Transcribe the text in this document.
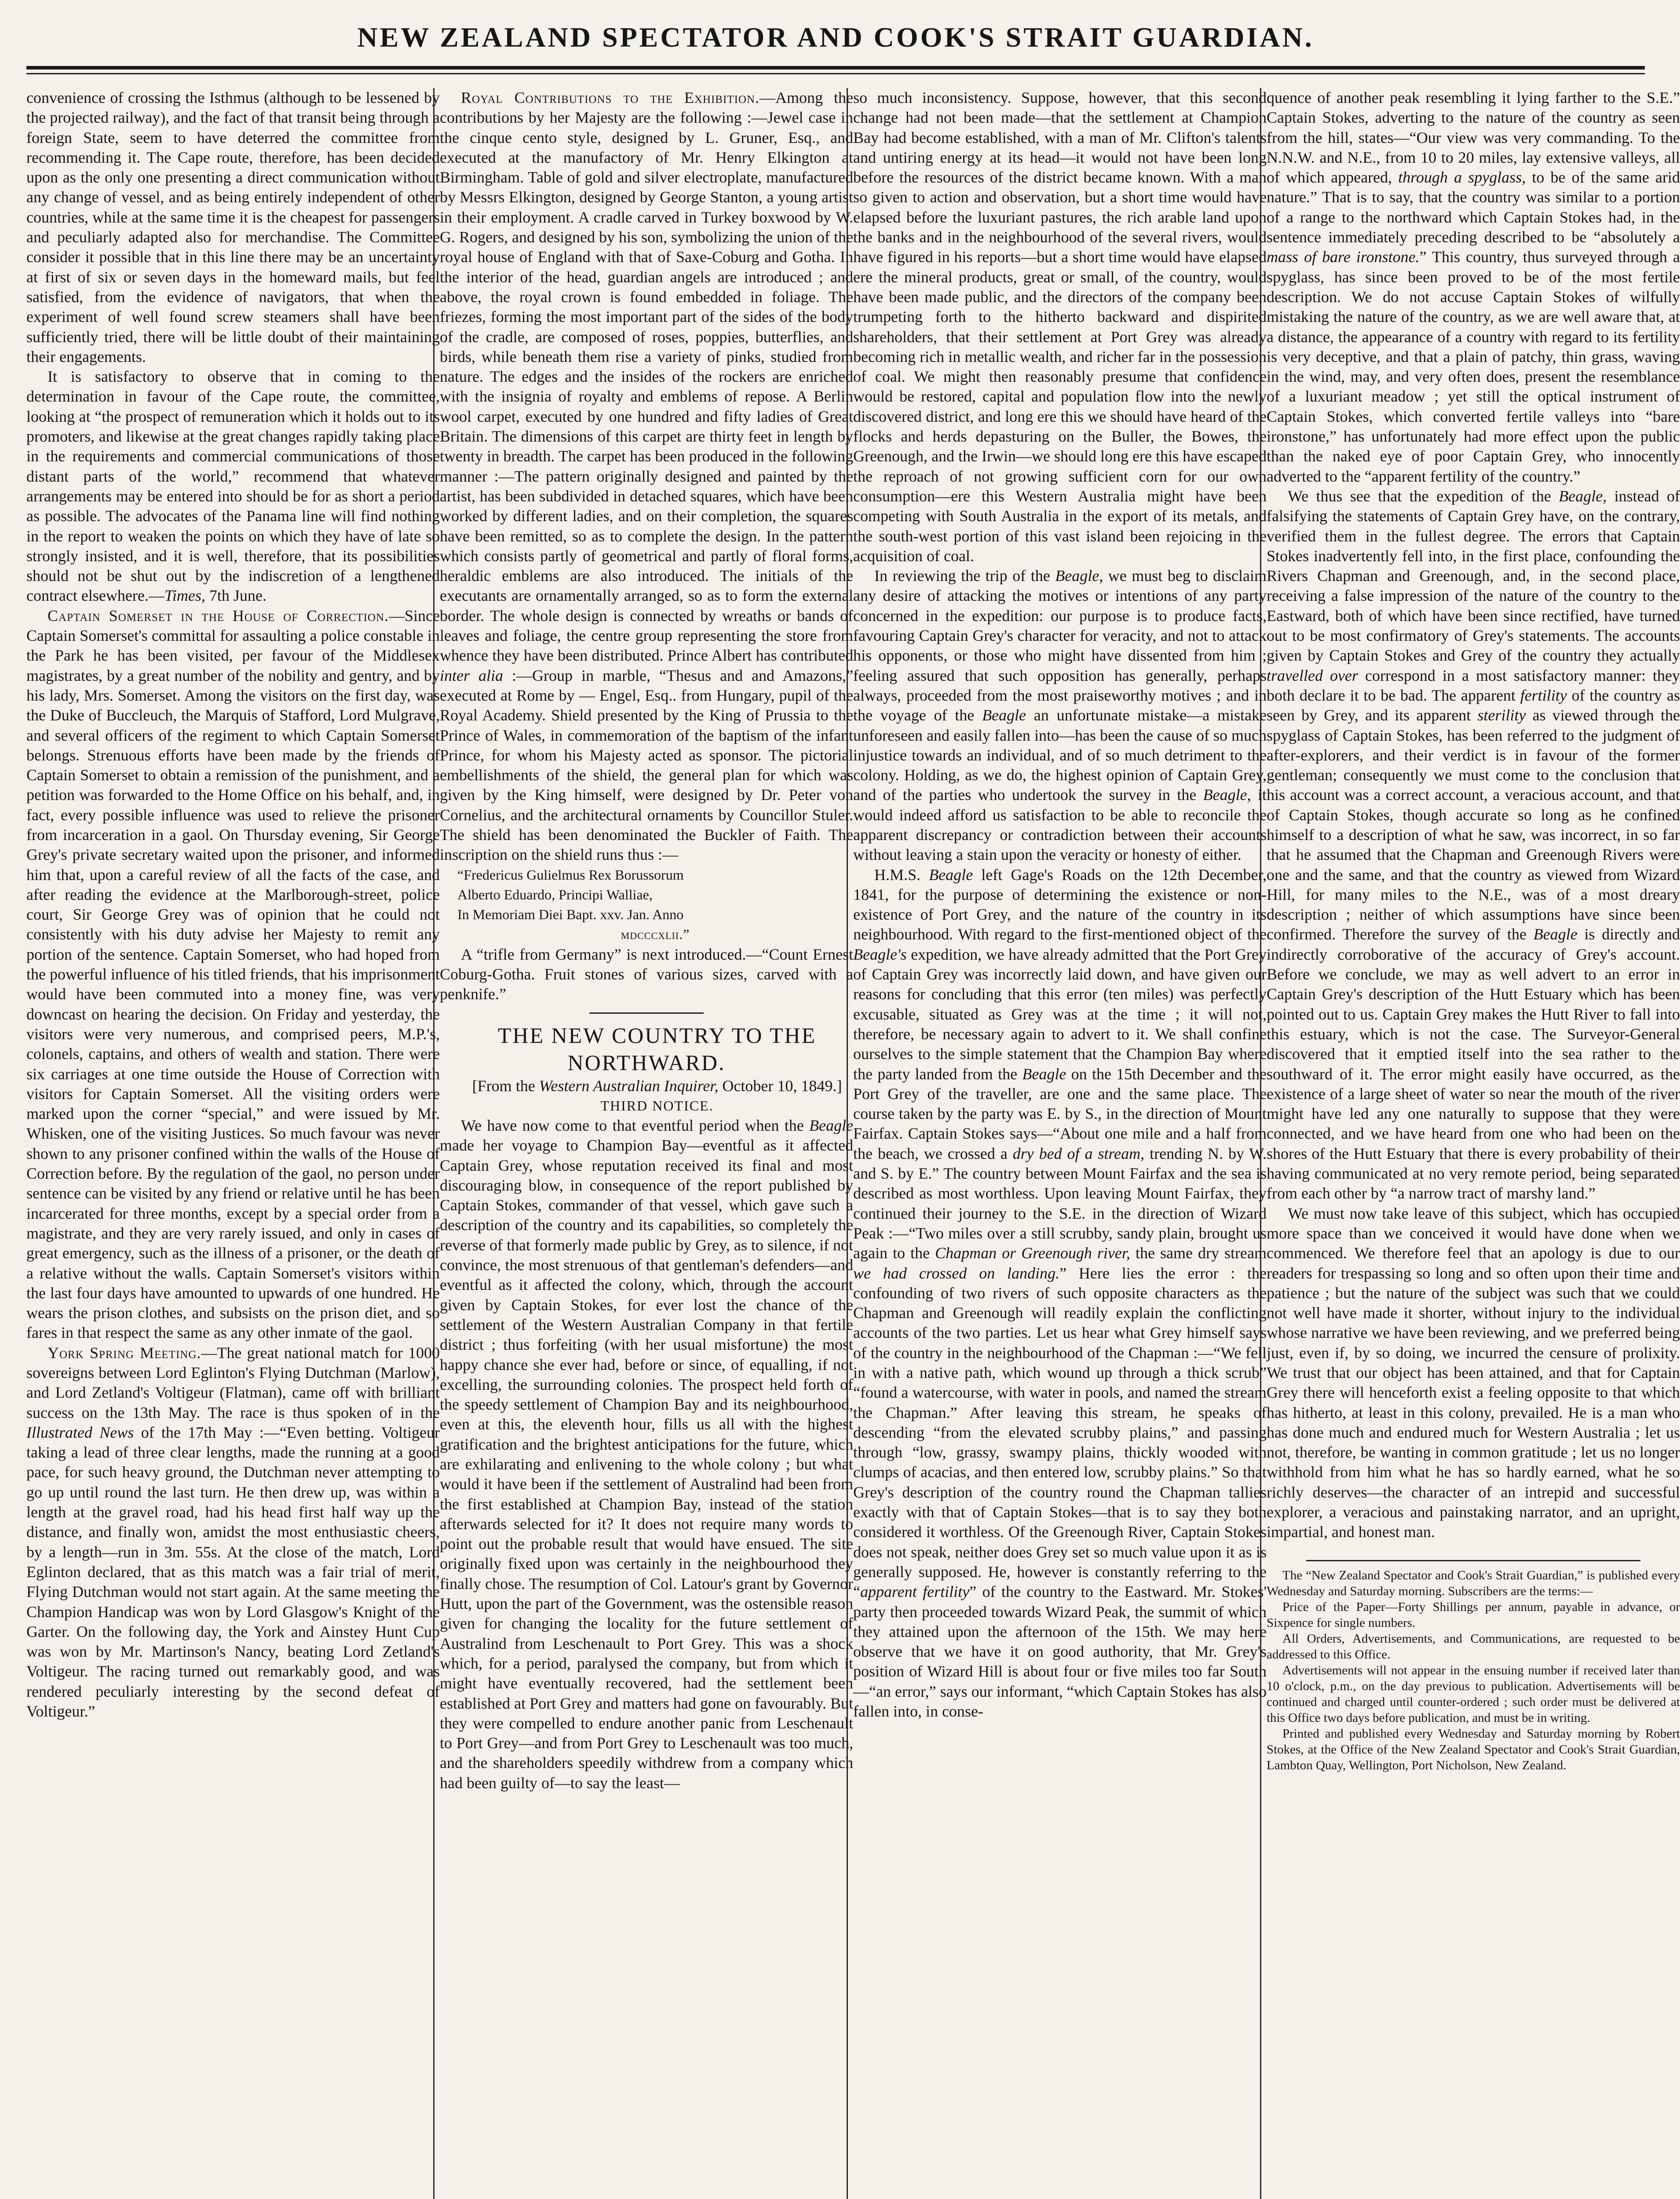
NEW ZEALAND SPECTATOR AND COOK'S STRAIT GUARDIAN.

convenience of crossing the Isthmus (although to be lessened by the projected railway), and the fact of that transit being through a foreign State, seem to have deterred the committee from recommending it. The Cape route, therefore, has been decided upon as the only one presenting a direct communication without any change of vessel, and as being entirely independent of other countries, while at the same time it is the cheapest for passengers and peculiarly adapted also for merchandise. The Committee consider it possible that in this line there may be an uncertainty at first of six or seven days in the homeward mails, but feel satisfied, from the evidence of navigators, that when the experiment of well found screw steamers shall have been sufficiently tried, there will be little doubt of their maintaining their engagements.

It is satisfactory to observe that in coming to the determination in favour of the Cape route, the committee, looking at “the prospect of remuneration which it holds out to its promoters, and likewise at the great changes rapidly taking place in the requirements and commercial communications of those distant parts of the world,” recommend that whatever arrangements may be entered into should be for as short a period as possible. The advocates of the Panama line will find nothing in the report to weaken the points on which they have of late so strongly insisted, and it is well, therefore, that its possibilities should not be shut out by the indiscretion of a lengthened contract elsewhere.—Times, 7th June.

Captain Somerset in the House of Correction.—Since Captain Somerset's committal for assaulting a police constable in the Park he has been visited, per favour of the Middlesex magistrates, by a great number of the nobility and gentry, and by his lady, Mrs. Somerset. Among the visitors on the first day, was the Duke of Buccleuch, the Marquis of Stafford, Lord Mulgrave, and several officers of the regiment to which Captain Somerset belongs. Strenuous efforts have been made by the friends of Captain Somerset to obtain a remission of the punishment, and a petition was forwarded to the Home Office on his behalf, and, in fact, every possible influence was used to relieve the prisoner from incarceration in a gaol. On Thursday evening, Sir George Grey's private secretary waited upon the prisoner, and informed him that, upon a careful review of all the facts of the case, and after reading the evidence at the Marlborough-street, police court, Sir George Grey was of opinion that he could not consistently with his duty advise her Majesty to remit any portion of the sentence. Captain Somerset, who had hoped from the powerful influence of his titled friends, that his imprisonment would have been commuted into a money fine, was very downcast on hearing the decision. On Friday and yesterday, the visitors were very numerous, and comprised peers, M.P.'s, colonels, captains, and others of wealth and station. There were six carriages at one time outside the House of Correction with visitors for Captain Somerset. All the visiting orders were marked upon the corner “special,” and were issued by Mr. Whisken, one of the visiting Justices. So much favour was never shown to any prisoner confined within the walls of the House of Correction before. By the regulation of the gaol, no person under sentence can be visited by any friend or relative until he has been incarcerated for three months, except by a special order from a magistrate, and they are very rarely issued, and only in cases of great emergency, such as the illness of a prisoner, or the death of a relative without the walls. Captain Somerset's visitors within the last four days have amounted to upwards of one hundred. He wears the prison clothes, and subsists on the prison diet, and so fares in that respect the same as any other inmate of the gaol.

York Spring Meeting.—The great national match for 1000 sovereigns between Lord Eglinton's Flying Dutchman (Marlow), and Lord Zetland's Voltigeur (Flatman), came off with brilliant success on the 13th May. The race is thus spoken of in the Illustrated News of the 17th May :—“Even betting. Voltigeur taking a lead of three clear lengths, made the running at a good pace, for such heavy ground, the Dutchman never attempting to go up until round the last turn. He then drew up, was within a length at the gravel road, had his head first half way up the distance, and finally won, amidst the most enthusiastic cheers, by a length—run in 3m. 55s. At the close of the match, Lord Eglinton declared, that as this match was a fair trial of merit, Flying Dutchman would not start again. At the same meeting the Champion Handicap was won by Lord Glasgow's Knight of the Garter. On the following day, the York and Ainstey Hunt Cup was won by Mr. Martinson's Nancy, beating Lord Zetland's Voltigeur. The racing turned out remarkably good, and was rendered peculiarly interesting by the second defeat of Voltigeur.”

Royal Contributions to the Exhibition.—Among the contributions by her Majesty are the following :—Jewel case in the cinque cento style, designed by L. Gruner, Esq., and executed at the manufactory of Mr. Henry Elkington at Birmingham. Table of gold and silver electroplate, manufactured by Messrs Elkington, designed by George Stanton, a young artist in their employment. A cradle carved in Turkey boxwood by W. G. Rogers, and designed by his son, symbolizing the union of the royal house of England with that of Saxe-Coburg and Gotha. In the interior of the head, guardian angels are introduced ; and above, the royal crown is found embedded in foliage. The friezes, forming the most important part of the sides of the body of the cradle, are composed of roses, poppies, butterflies, and birds, while beneath them rise a variety of pinks, studied from nature. The edges and the insides of the rockers are enriched with the insignia of royalty and emblems of repose. A Berlin wool carpet, executed by one hundred and fifty ladies of Great Britain. The dimensions of this carpet are thirty feet in length by twenty in breadth. The carpet has been produced in the following manner :—The pattern originally designed and painted by the artist, has been subdivided in detached squares, which have been worked by different ladies, and on their completion, the squares have been remitted, so as to complete the design. In the pattern which consists partly of geometrical and partly of floral forms, heraldic emblems are also introduced. The initials of the executants are ornamentally arranged, so as to form the external border. The whole design is connected by wreaths or bands of leaves and foliage, the centre group representing the store from whence they have been distributed. Prince Albert has contributed inter alia :—Group in marble, “Thesus and and Amazons,” executed at Rome by — Engel, Esq.. from Hungary, pupil of the Royal Academy. Shield presented by the King of Prussia to the Prince of Wales, in commemoration of the baptism of the infant Prince, for whom his Majesty acted as sponsor. The pictorial embellishments of the shield, the general plan for which was given by the King himself, were designed by Dr. Peter von Cornelius, and the architectural ornaments by Councillor Stuler. The shield has been denominated the Buckler of Faith. The inscription on the shield runs thus :—

“Fredericus Gulielmus Rex Borussorum

Alberto Eduardo, Principi Walliae,

In Memoriam Diei Bapt. xxv. Jan. Anno

mdcccxlii.”

A “trifle from Germany” is next introduced.—“Count Ernest Coburg-Gotha. Fruit stones of various sizes, carved with a penknife.”

THE NEW COUNTRY TO THE NORTHWARD.

[From the Western Australian Inquirer, October 10, 1849.]

THIRD NOTICE.

We have now come to that eventful period when the Beagle made her voyage to Champion Bay—eventful as it affected Captain Grey, whose reputation received its final and most discouraging blow, in consequence of the report published by Captain Stokes, commander of that vessel, which gave such a description of the country and its capabilities, so completely the reverse of that formerly made public by Grey, as to silence, if not convince, the most strenuous of that gentleman's defenders—and eventful as it affected the colony, which, through the account given by Captain Stokes, for ever lost the chance of the settlement of the Western Australian Company in that fertile district ; thus forfeiting (with her usual misfortune) the most happy chance she ever had, before or since, of equalling, if not excelling, the surrounding colonies. The prospect held forth of the speedy settlement of Champion Bay and its neighbourhood, even at this, the eleventh hour, fills us all with the highest gratification and the brightest anticipations for the future, which are exhilarating and enlivening to the whole colony ; but what would it have been if the settlement of Australind had been from the first established at Champion Bay, instead of the station afterwards selected for it? It does not require many words to point out the probable result that would have ensued. The site originally fixed upon was certainly in the neighbourhood they finally chose. The resumption of Col. Latour's grant by Governor Hutt, upon the part of the Government, was the ostensible reason given for changing the locality for the future settlement of Australind from Leschenault to Port Grey. This was a shock which, for a period, paralysed the company, but from which it might have eventually recovered, had the settlement been established at Port Grey and matters had gone on favourably. But they were compelled to endure another panic from Leschenault to Port Grey—and from Port Grey to Leschenault was too much, and the shareholders speedily withdrew from a company which had been guilty of—to say the least—

so much inconsistency. Suppose, however, that this second change had not been made—that the settlement at Champion Bay had become established, with a man of Mr. Clifton's talents and untiring energy at its head—it would not have been long before the resources of the district became known. With a man so given to action and observation, but a short time would have elapsed before the luxuriant pastures, the rich arable land upon the banks and in the neighbourhood of the several rivers, would have figured in his reports—but a short time would have elapsed ere the mineral products, great or small, of the country, would have been made public, and the directors of the company been trumpeting forth to the hitherto backward and dispirited shareholders, that their settlement at Port Grey was already becoming rich in metallic wealth, and richer far in the possession of coal. We might then reasonably presume that confidence would be restored, capital and population flow into the newly discovered district, and long ere this we should have heard of the flocks and herds depasturing on the Buller, the Bowes, the Greenough, and the Irwin—we should long ere this have escaped the reproach of not growing sufficient corn for our own consumption—ere this Western Australia might have been competing with South Australia in the export of its metals, and the south-west portion of this vast island been rejoicing in the acquisition of coal.

In reviewing the trip of the Beagle, we must beg to disclaim any desire of attacking the motives or intentions of any party concerned in the expedition: our purpose is to produce facts, favouring Captain Grey's character for veracity, and not to attack his opponents, or those who might have dissented from him ; feeling assured that such opposition has generally, perhaps always, proceeded from the most praiseworthy motives ; and in the voyage of the Beagle an unfortunate mistake—a mistake unforeseen and easily fallen into—has been the cause of so much injustice towards an individual, and of so much detriment to the colony. Holding, as we do, the highest opinion of Captain Grey, and of the parties who undertook the survey in the Beagle, it would indeed afford us satisfaction to be able to reconcile the apparent discrepancy or contradiction between their accounts without leaving a stain upon the veracity or honesty of either.

H.M.S. Beagle left Gage's Roads on the 12th December, 1841, for the purpose of determining the existence or non-existence of Port Grey, and the nature of the country in its neighbourhood. With regard to the first-mentioned object of the Beagle's expedition, we have already admitted that the Port Grey of Captain Grey was incorrectly laid down, and have given our reasons for concluding that this error (ten miles) was perfectly excusable, situated as Grey was at the time ; it will not, therefore, be necessary again to advert to it. We shall confine ourselves to the simple statement that the Champion Bay where the party landed from the Beagle on the 15th December and the Port Grey of the traveller, are one and the same place. The course taken by the party was E. by S., in the direction of Mount Fairfax. Captain Stokes says—“About one mile and a half from the beach, we crossed a dry bed of a stream, trending N. by W. and S. by E.” The country between Mount Fairfax and the sea is described as most worthless. Upon leaving Mount Fairfax, they continued their journey to the S.E. in the direction of Wizard Peak :—“Two miles over a still scrubby, sandy plain, brought us again to the Chapman or Greenough river, the same dry stream we had crossed on landing.” Here lies the error : the confounding of two rivers of such opposite characters as the Chapman and Greenough will readily explain the conflicting accounts of the two parties. Let us hear what Grey himself says of the country in the neighbourhood of the Chapman :—“We fell in with a native path, which wound up through a thick scrub” “found a watercourse, with water in pools, and named the stream the Chapman.” After leaving this stream, he speaks of descending “from the elevated scrubby plains,” and passing through “low, grassy, swampy plains, thickly wooded with clumps of acacias, and then entered low, scrubby plains.” So that Grey's description of the country round the Chapman tallies exactly with that of Captain Stokes—that is to say they both considered it worthless. Of the Greenough River, Captain Stokes does not speak, neither does Grey set so much value upon it as is generally supposed. He, however is constantly referring to the “apparent fertility” of the country to the Eastward. Mr. Stokes' party then proceeded towards Wizard Peak, the summit of which they attained upon the afternoon of the 15th. We may here observe that we have it on good authority, that Mr. Grey's position of Wizard Hill is about four or five miles too far South—“an error,” says our informant, “which Captain Stokes has also fallen into, in conse-

quence of another peak resembling it lying farther to the S.E.” Captain Stokes, adverting to the nature of the country as seen from the hill, states—“Our view was very commanding. To the N.N.W. and N.E., from 10 to 20 miles, lay extensive valleys, all of which appeared, through a spyglass, to be of the same arid nature.” That is to say, that the country was similar to a portion of a range to the northward which Captain Stokes had, in the sentence immediately preceding described to be “absolutely a mass of bare ironstone.” This country, thus surveyed through a spyglass, has since been proved to be of the most fertile description. We do not accuse Captain Stokes of wilfully mistaking the nature of the country, as we are well aware that, at a distance, the appearance of a country with regard to its fertility is very deceptive, and that a plain of patchy, thin grass, waving in the wind, may, and very often does, present the resemblance of a luxuriant meadow ; yet still the optical instrument of Captain Stokes, which converted fertile valleys into “bare ironstone,” has unfortunately had more effect upon the public than the naked eye of poor Captain Grey, who innocently adverted to the “apparent fertility of the country.”

We thus see that the expedition of the Beagle, instead of falsifying the statements of Captain Grey have, on the contrary, verified them in the fullest degree. The errors that Captain Stokes inadvertently fell into, in the first place, confounding the Rivers Chapman and Greenough, and, in the second place, receiving a false impression of the nature of the country to the Eastward, both of which have been since rectified, have turned out to be most confirmatory of Grey's statements. The accounts given by Captain Stokes and Grey of the country they actually travelled over correspond in a most satisfactory manner: they both declare it to be bad. The apparent fertility of the country as seen by Grey, and its apparent sterility as viewed through the spyglass of Captain Stokes, has been referred to the judgment of after-explorers, and their verdict is in favour of the former gentleman; consequently we must come to the conclusion that his account was a correct account, a veracious account, and that of Captain Stokes, though accurate so long as he confined himself to a description of what he saw, was incorrect, in so far that he assumed that the Chapman and Greenough Rivers were one and the same, and that the country as viewed from Wizard Hill, for many miles to the N.E., was of a most dreary description ; neither of which assumptions have since been confirmed. Therefore the survey of the Beagle is directly and indirectly corroborative of the accuracy of Grey's account. Before we conclude, we may as well advert to an error in Captain Grey's description of the Hutt Estuary which has been pointed out to us. Captain Grey makes the Hutt River to fall into this estuary, which is not the case. The Surveyor-General discovered that it emptied itself into the sea rather to the southward of it. The error might easily have occurred, as the existence of a large sheet of water so near the mouth of the river might have led any one naturally to suppose that they were connected, and we have heard from one who had been on the shores of the Hutt Estuary that there is every probability of their having communicated at no very remote period, being separated from each other by “a narrow tract of marshy land.”

We must now take leave of this subject, which has occupied more space than we conceived it would have done when we commenced. We therefore feel that an apology is due to our readers for trespassing so long and so often upon their time and patience ; but the nature of the subject was such that we could not well have made it shorter, without injury to the individual whose narrative we have been reviewing, and we preferred being just, even if, by so doing, we incurred the censure of prolixity. We trust that our object has been attained, and that for Captain Grey there will henceforth exist a feeling opposite to that which has hitherto, at least in this colony, prevailed. He is a man who has done much and endured much for Western Australia ; let us not, therefore, be wanting in common gratitude ; let us no longer withhold from him what he has so hardly earned, what he so richly deserves—the character of an intrepid and successful explorer, a veracious and painstaking narrator, and an upright, impartial, and honest man.

The “New Zealand Spectator and Cook's Strait Guardian,” is published every Wednesday and Saturday morning. Subscribers are the terms:—

Price of the Paper—Forty Shillings per annum, payable in advance, or Sixpence for single numbers.

All Orders, Advertisements, and Communications, are requested to be addressed to this Office.

Advertisements will not appear in the ensuing number if received later than 10 o'clock, p.m., on the day previous to publication. Advertisements will be continued and charged until counter-ordered ; such order must be delivered at this Office two days before publication, and must be in writing.

Printed and published every Wednesday and Saturday morning by Robert Stokes, at the Office of the New Zealand Spectator and Cook's Strait Guardian, Lambton Quay, Wellington, Port Nicholson, New Zealand.
